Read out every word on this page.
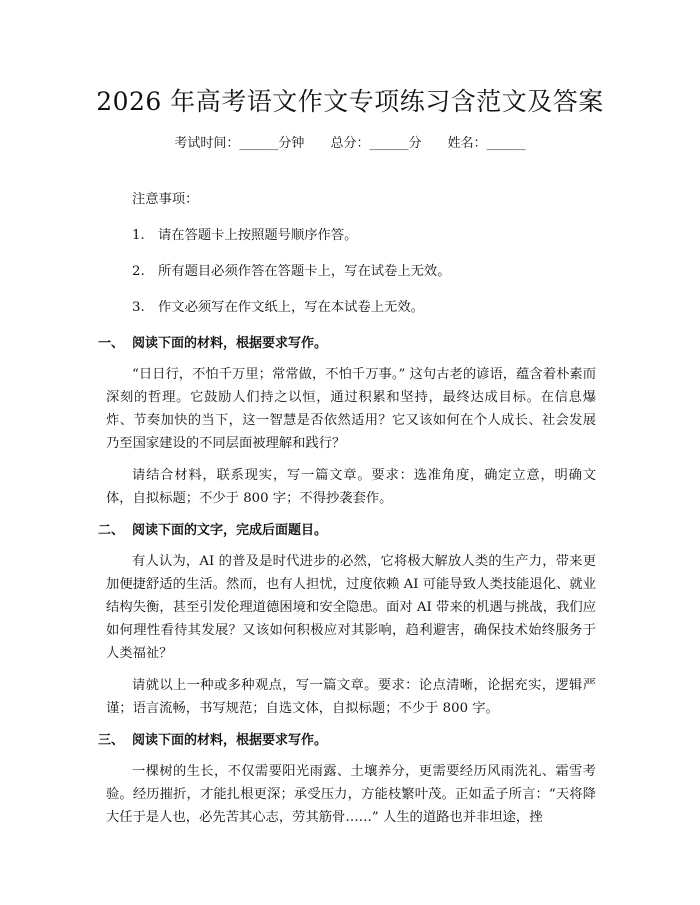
2026 年高考语文作文专项练习含范文及答案
考试时间：______分钟 总分：______分 姓名：______
注意事项：
1.	请在答题卡上按照题号顺序作答。
2.	所有题目必须作答在答题卡上，写在试卷上无效。
3.	作文必须写在作文纸上，写在本试卷上无效。
一、 阅读下面的材料，根据要求写作。

“日日行，不怕千万里；常常做，不怕千万事。” 这句古老的谚语，蕴含着朴素而深刻的哲理。它鼓励人们持之以恒，通过积累和坚持，最终达成目标。在信息爆炸、节奏加快的当下，这一智慧是否依然适用？它又该如何在个人成长、社会发展乃至国家建设的不同层面被理解和践行？

请结合材料，联系现实，写一篇文章。要求：选准角度，确定立意，明确文体，自拟标题；不少于 800 字；不得抄袭套作。

二、 阅读下面的文字，完成后面题目。

有人认为，AI 的普及是时代进步的必然，它将极大解放人类的生产力，带来更加便捷舒适的生活。然而，也有人担忧，过度依赖 AI 可能导致人类技能退化、就业结构失衡，甚至引发伦理道德困境和安全隐患。面对 AI 带来的机遇与挑战，我们应如何理性看待其发展？又该如何积极应对其影响，趋利避害，确保技术始终服务于人类福祉？

请就以上一种或多种观点，写一篇文章。要求：论点清晰，论据充实，逻辑严谨；语言流畅，书写规范；自选文体，自拟标题；不少于 800 字。

三、 阅读下面的材料，根据要求写作。

一棵树的生长，不仅需要阳光雨露、土壤养分，更需要经历风雨洗礼、霜雪考验。经历摧折，才能扎根更深；承受压力，方能枝繁叶茂。正如孟子所言：“天将降大任于是人也，必先苦其心志，劳其筋骨……” 人生的道路也并非坦途，挫
